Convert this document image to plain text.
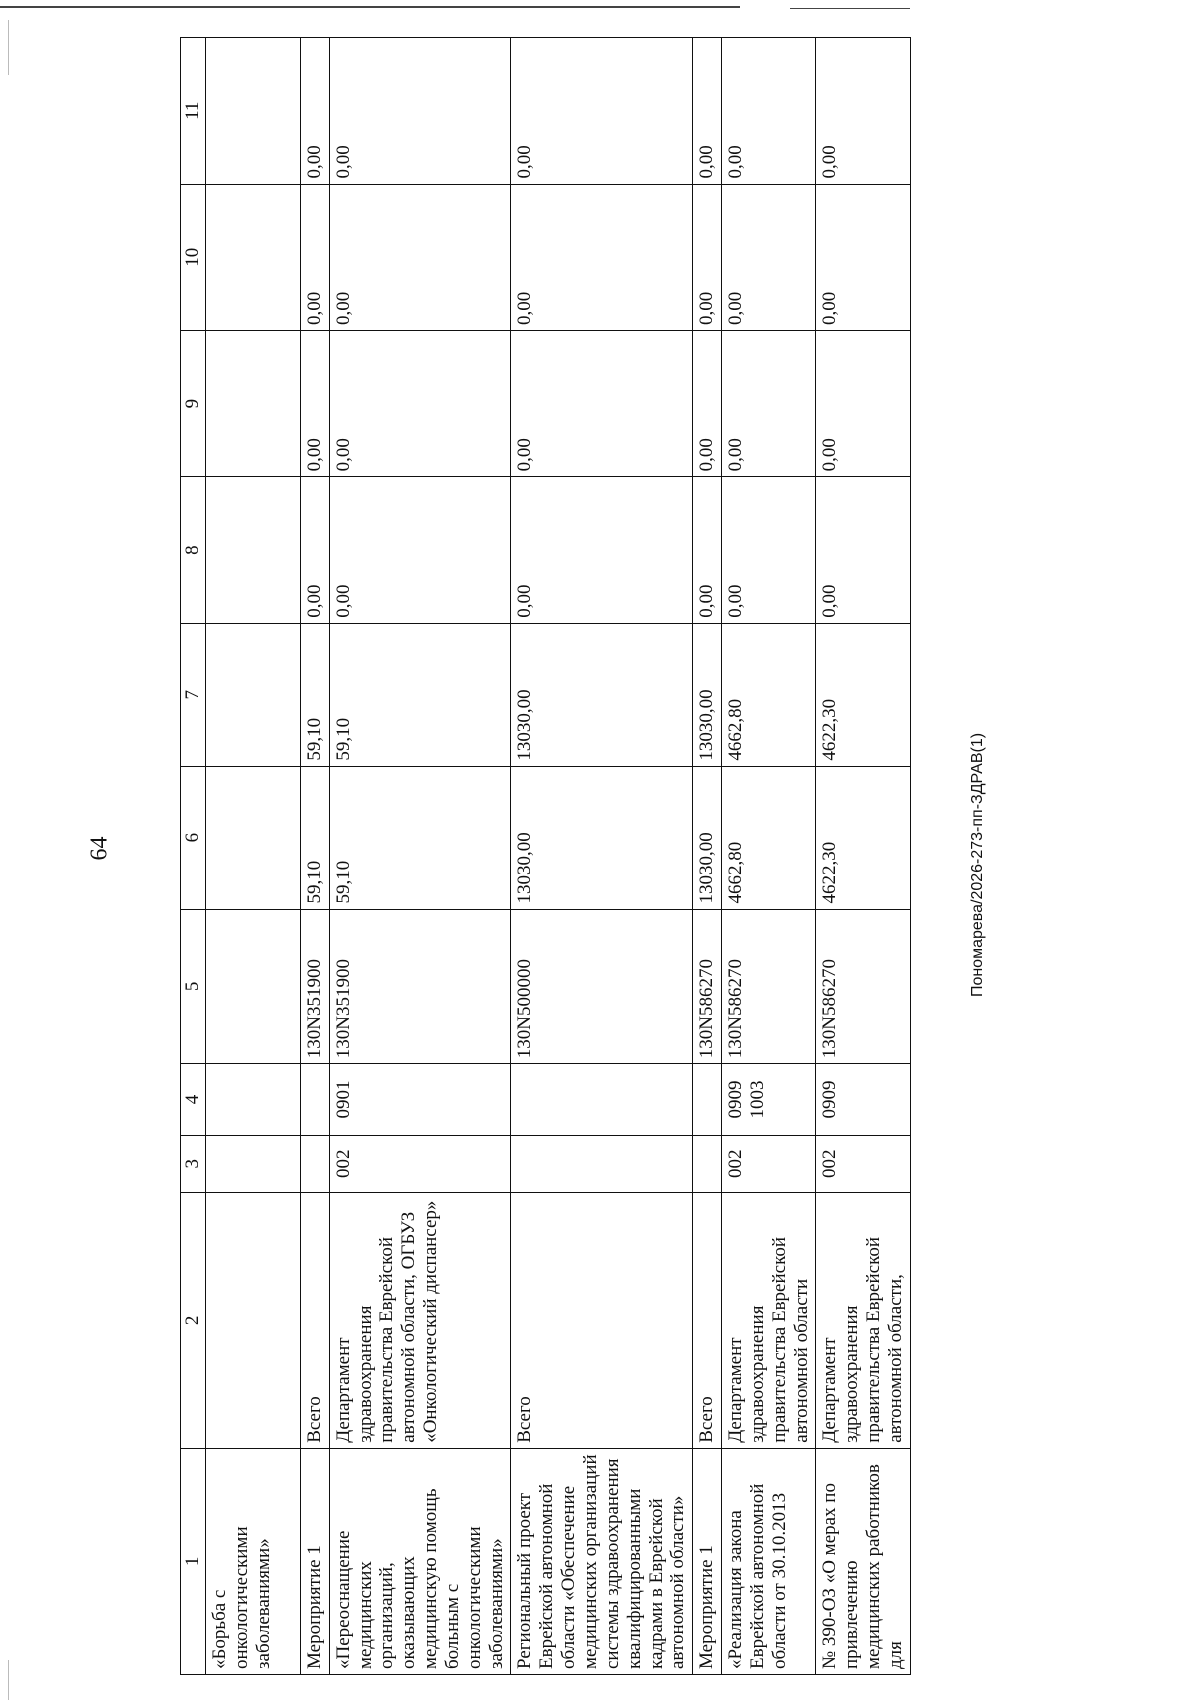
64
1	2	3	4	5	6	7	8	9	10	11
«Борьба с онкологическими заболеваниями»										
Мероприятие 1	Всего			130N351900	59,10	59,10	0,00	0,00	0,00	0,00
«Переоснащение медицинских организаций, оказывающих медицинскую помощь больным с онкологическими заболеваниями»	Департамент здравоохранения правительства Еврейской автономной области, ОГБУЗ «Онкологический диспансер»	002	0901	130N351900	59,10	59,10	0,00	0,00	0,00	0,00
Региональный проект Еврейской автономной области «Обеспечение медицинских организаций системы здравоохранения квалифицированными кадрами в Еврейской автономной области»	Всего			130N500000	13030,00	13030,00	0,00	0,00	0,00	0,00
Мероприятие 1	Всего			130N586270	13030,00	13030,00	0,00	0,00	0,00	0,00
«Реализация закона Еврейской автономной области от 30.10.2013	Департамент здравоохранения правительства Еврейской автономной области	002	0909 1003	130N586270	4662,80	4662,80	0,00	0,00	0,00	0,00
№ 390-ОЗ «О мерах по привлечению медицинских работников для	Департамент здравоохранения правительства Еврейской автономной области,	002	0909	130N586270	4622,30	4622,30	0,00	0,00	0,00	0,00
Пономарева/2026-273-пп-ЗДРАВ(1)
